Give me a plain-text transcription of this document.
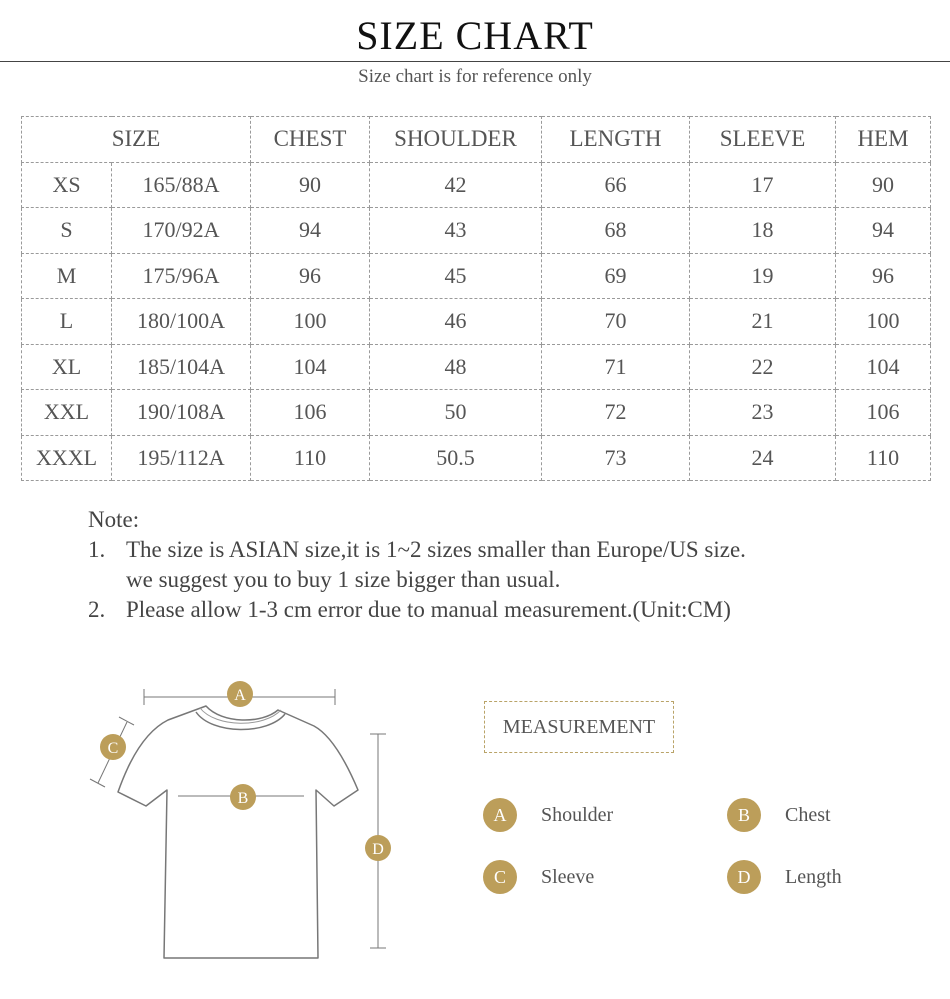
SIZE CHART
Size chart is for reference only
SIZE		CHEST	SHOULDER	LENGTH	SLEEVE	HEM
XS	165/88A	90	42	66	17	90
S	170/92A	94	43	68	18	94
M	175/96A	96	45	69	19	96
L	180/100A	100	46	70	21	100
XL	185/104A	104	48	71	22	104
XXL	190/108A	106	50	72	23	106
XXXL	195/112A	110	50.5	73	24	110
Note:
1. The size is ASIAN size,it is 1~2 sizes smaller than Europe/US size.
we suggest you to buy 1 size bigger than usual.
2. Please allow 1-3 cm error due to manual measurement.(Unit:CM)
A
B
C
D
MEASUREMENT
A	Shoulder	B	Chest
C	Sleeve	D	Length
